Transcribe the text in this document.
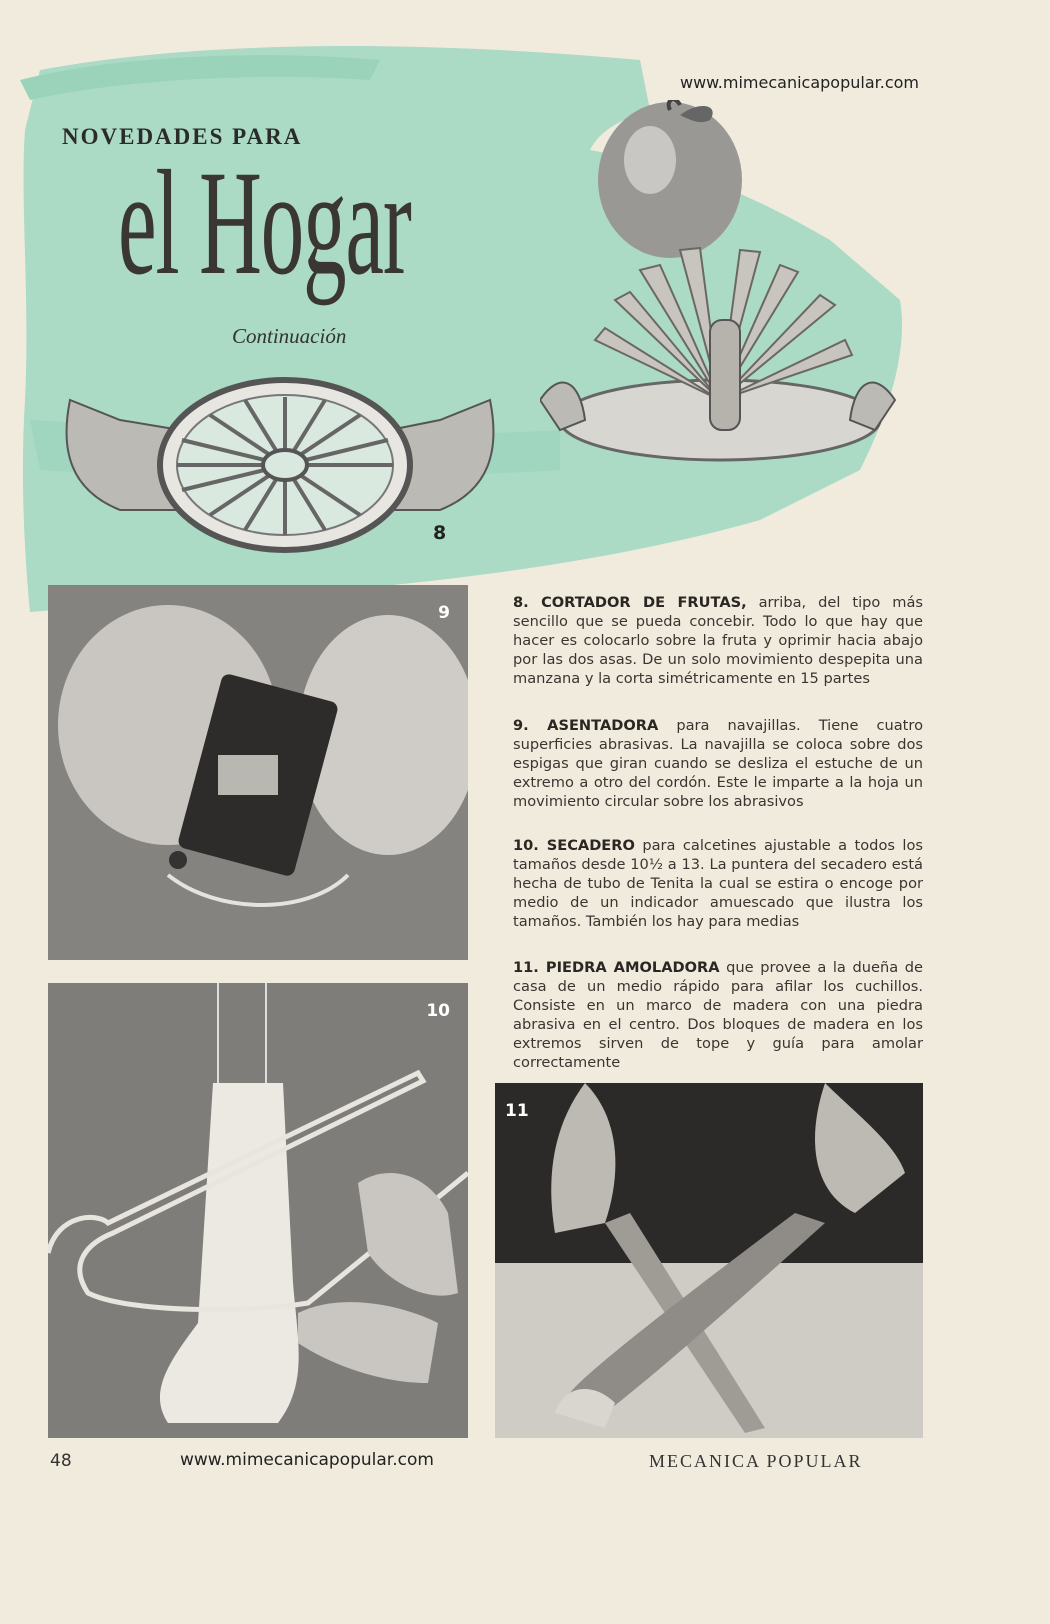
www.mimecanicapopular.com
NOVEDADES PARA
el Hogar
Continuación
8
9
10
11
8. CORTADOR DE FRUTAS, arriba, del tipo más sencillo que se pueda concebir. Todo lo que hay que hacer es colocarlo sobre la fruta y oprimir hacia abajo por las dos asas. De un solo movimiento despepita una manzana y la corta simétricamente en 15 partes
9. ASENTADORA para navajillas. Tiene cuatro superficies abrasivas. La navajilla se coloca sobre dos espigas que giran cuando se desliza el estuche de un extremo a otro del cordón. Este le imparte a la hoja un movimiento circular sobre los abrasivos
10. SECADERO para calcetines ajustable a todos los tamaños desde 10½ a 13. La puntera del secadero está hecha de tubo de Tenita la cual se estira o encoge por medio de un indicador amuescado que ilustra los tamaños. También los hay para medias
11. PIEDRA AMOLADORA que provee a la dueña de casa de un medio rápido para afilar los cuchillos. Consiste en un marco de madera con una piedra abrasiva en el centro. Dos bloques de madera en los extremos sirven de tope y guía para amolar correctamente
48	www.mimecanicapopular.com	MECANICA POPULAR
